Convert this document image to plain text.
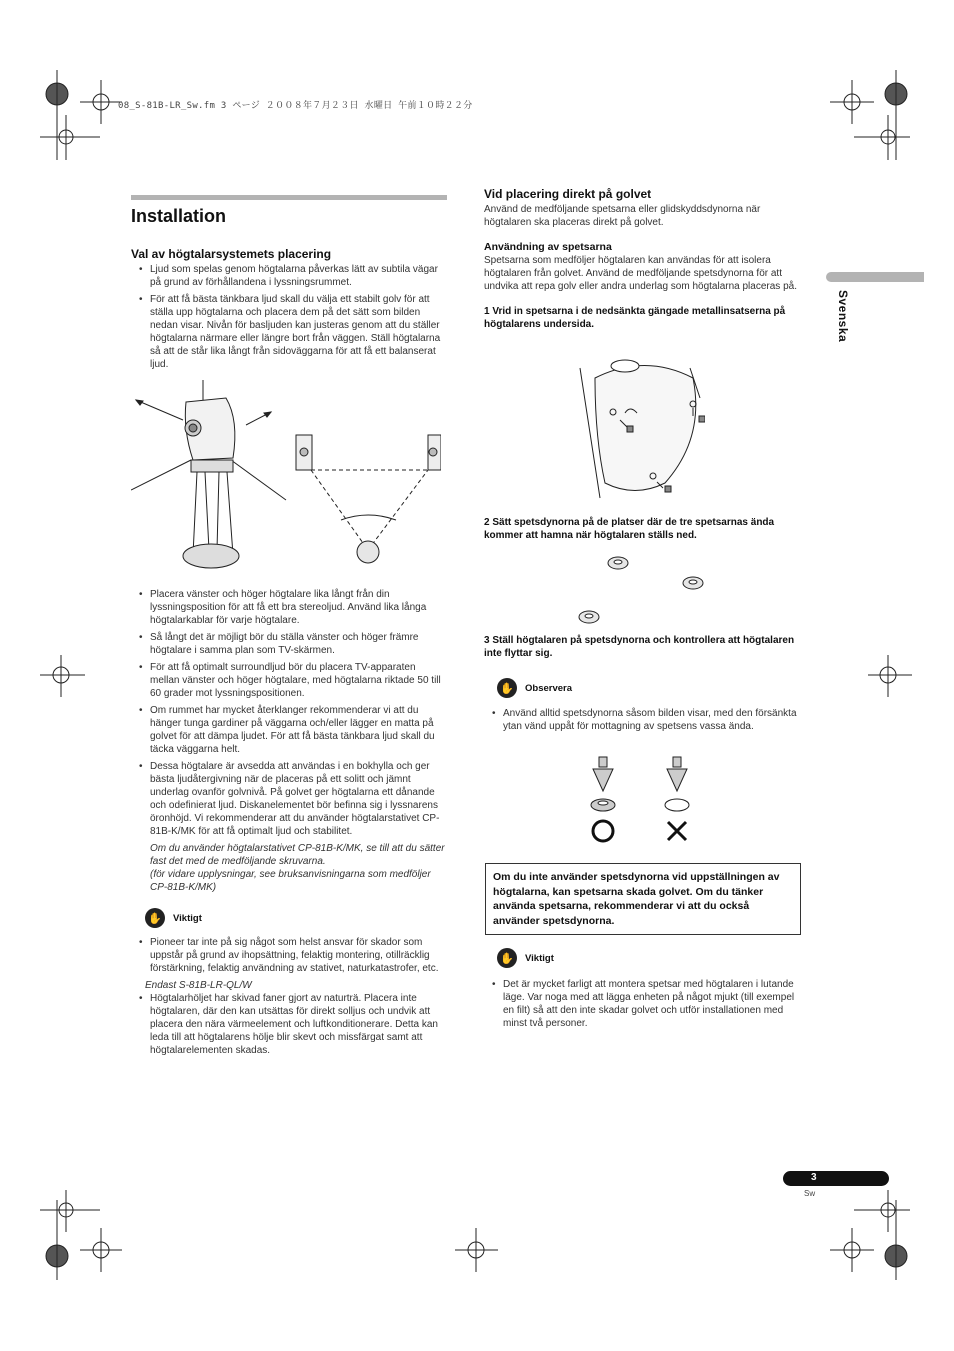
08_S-81B-LR_Sw.fm 3 ページ ２００８年７月２３日 水曜日 午前１０時２２分
Installation
Val av högtalarsystemets placering
• Ljud som spelas genom högtalarna påverkas lätt av subtila vägar på grund av förhållandena i lyssningsrummet.
• För att få bästa tänkbara ljud skall du välja ett stabilt golv för att ställa upp högtalarna och placera dem på det sätt som bilden nedan visar. Nivån för basljuden kan justeras genom att du ställer högtalarna närmare eller längre bort från väggen. Ställ högtalarna så att de står lika långt från sidoväggarna för att få ett balanserat ljud.
• Placera vänster och höger högtalare lika långt från din lyssningsposition för att få ett bra stereoljud. Använd lika långa högtalarkablar för varje högtalare.
• Så långt det är möjligt bör du ställa vänster och höger främre högtalare i samma plan som TV-skärmen.
• För att få optimalt surroundljud bör du placera TV-apparaten mellan vänster och höger högtalare, med högtalarna riktade 50 till 60 grader mot lyssningspositionen.
• Om rummet har mycket återklanger rekommenderar vi att du hänger tunga gardiner på väggarna och/eller lägger en matta på golvet för att dämpa ljudet. För att få bästa tänkbara ljud skall du täcka väggarna helt.
• Dessa högtalare är avsedda att användas i en bokhylla och ger bästa ljudåtergivning när de placeras på ett solitt och jämnt underlag ovanför golvnivå. På golvet ger högtalarna ett dånande och odefinierat ljud. Diskanelementet bör befinna sig i lyssnarens öronhöjd. Vi rekommenderar att du använder högtalarstativet CP-81B-K/MK för att få optimalt ljud och stabilitet.
Om du använder högtalarstativet CP-81B-K/MK, se till att du sätter fast det med de medföljande skruvarna.
(för vidare upplysningar, see bruksanvisningarna som medföljer CP-81B-K/MK)
✋	Viktigt
• Pioneer tar inte på sig något som helst ansvar för skador som uppstår på grund av ihopsättning, felaktig montering, otillräcklig förstärkning, felaktig användning av stativet, naturkatastrofer, etc.
Endast S-81B-LR-QL/W
• Högtalarhöljet har skivad faner gjort av naturträ. Placera inte högtalaren, där den kan utsättas för direkt solljus och undvik att placera den nära värmeelement och luftkonditionerare. Detta kan leda till att högtalarens hölje blir skevt och missfärgat samt att högtalarelementen skadas.
Vid placering direkt på golvet

Använd de medföljande spetsarna eller glidskyddsdynorna när högtalaren ska placeras direkt på golvet.

Användning av spetsarna

Spetsarna som medföljer högtalaren kan användas för att isolera högtalaren från golvet. Använd de medföljande spetsdynorna för att undvika att repa golv eller andra underlag som högtalarna placeras på.

1 Vrid in spetsarna i de nedsänkta gängade metallinsatserna på högtalarens undersida.
2 Sätt spetsdynorna på de platser där de tre spetsarnas ända kommer att hamna när högtalaren ställs ned.
3 Ställ högtalaren på spetsdynorna och kontrollera att högtalaren inte flyttar sig.
✋	Observera
• Använd alltid spetsdynorna såsom bilden visar, med den försänkta ytan vänd uppåt för mottagning av spetsens vassa ända.
Om du inte använder spetsdynorna vid uppställningen av högtalarna, kan spetsarna skada golvet. Om du tänker använda spetsarna, rekommenderar vi att du också använder spetsdynorna.
✋	Viktigt
• Det är mycket farligt att montera spetsar med högtalaren i lutande läge. Var noga med att lägga enheten på något mjukt (till exempel en filt) så att den inte skadar golvet och utför installationen med minst två personer.
Svenska
3
Sw
